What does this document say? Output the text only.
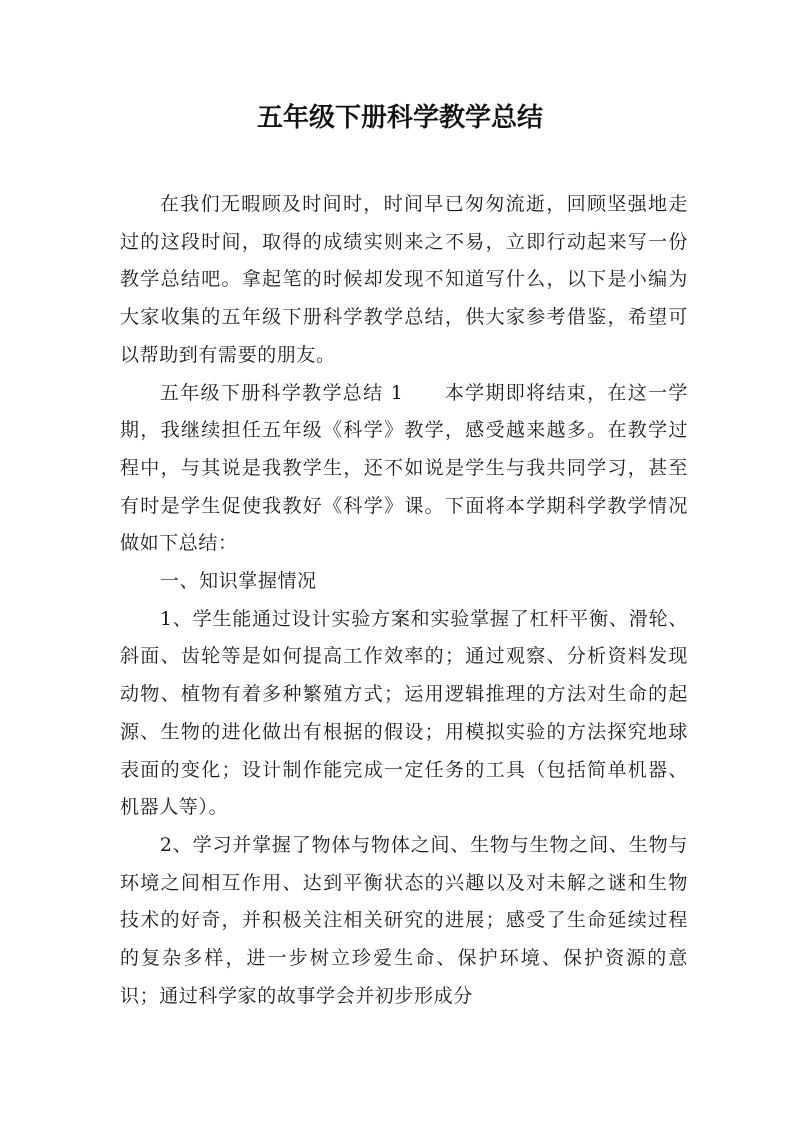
五年级下册科学教学总结

在我们无暇顾及时间时，时间早已匆匆流逝，回顾坚强地走过的这段时间，取得的成绩实则来之不易，立即行动起来写一份教学总结吧。拿起笔的时候却发现不知道写什么，以下是小编为大家收集的五年级下册科学教学总结，供大家参考借鉴，希望可以帮助到有需要的朋友。

五年级下册科学教学总结 1　　本学期即将结束，在这一学期，我继续担任五年级《科学》教学，感受越来越多。在教学过程中，与其说是我教学生，还不如说是学生与我共同学习，甚至有时是学生促使我教好《科学》课。下面将本学期科学教学情况做如下总结：

一、知识掌握情况

1、学生能通过设计实验方案和实验掌握了杠杆平衡、滑轮、斜面、齿轮等是如何提高工作效率的；通过观察、分析资料发现动物、植物有着多种繁殖方式；运用逻辑推理的方法对生命的起源、生物的进化做出有根据的假设；用模拟实验的方法探究地球表面的变化；设计制作能完成一定任务的工具（包括简单机器、机器人等）。

2、学习并掌握了物体与物体之间、生物与生物之间、生物与环境之间相互作用、达到平衡状态的兴趣以及对未解之谜和生物技术的好奇，并积极关注相关研究的进展；感受了生命延续过程的复杂多样，进一步树立珍爱生命、保护环境、保护资源的意识；通过科学家的故事学会并初步形成分
